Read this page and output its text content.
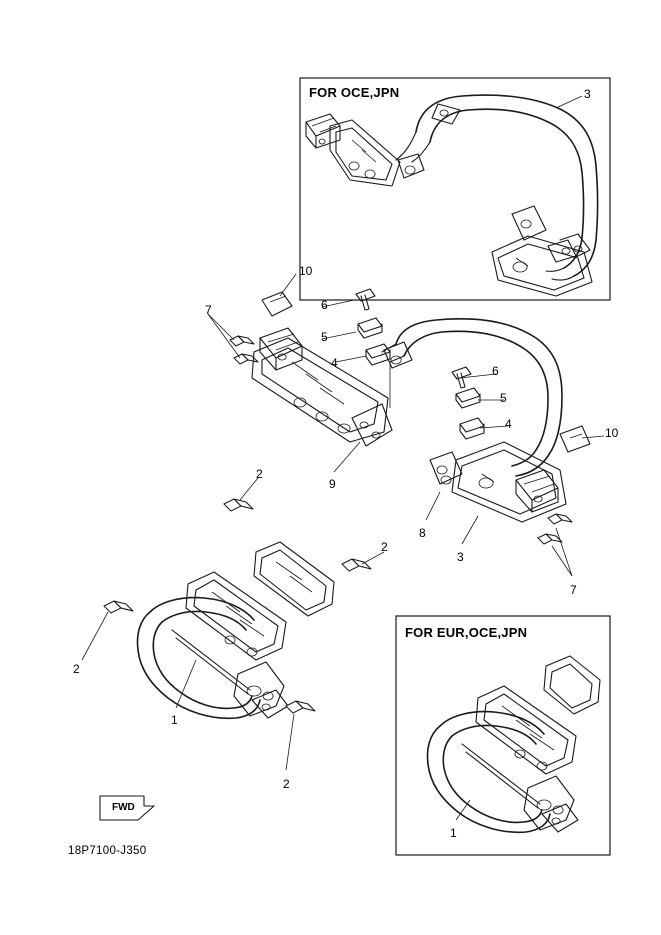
FOR OCE,JPN
FOR EUR,OCE,JPN
3
10
7	6
5
4
6
5
4
10
9
8
3
7
2
2
2
1
2
1
FWD
18P7100-J350
